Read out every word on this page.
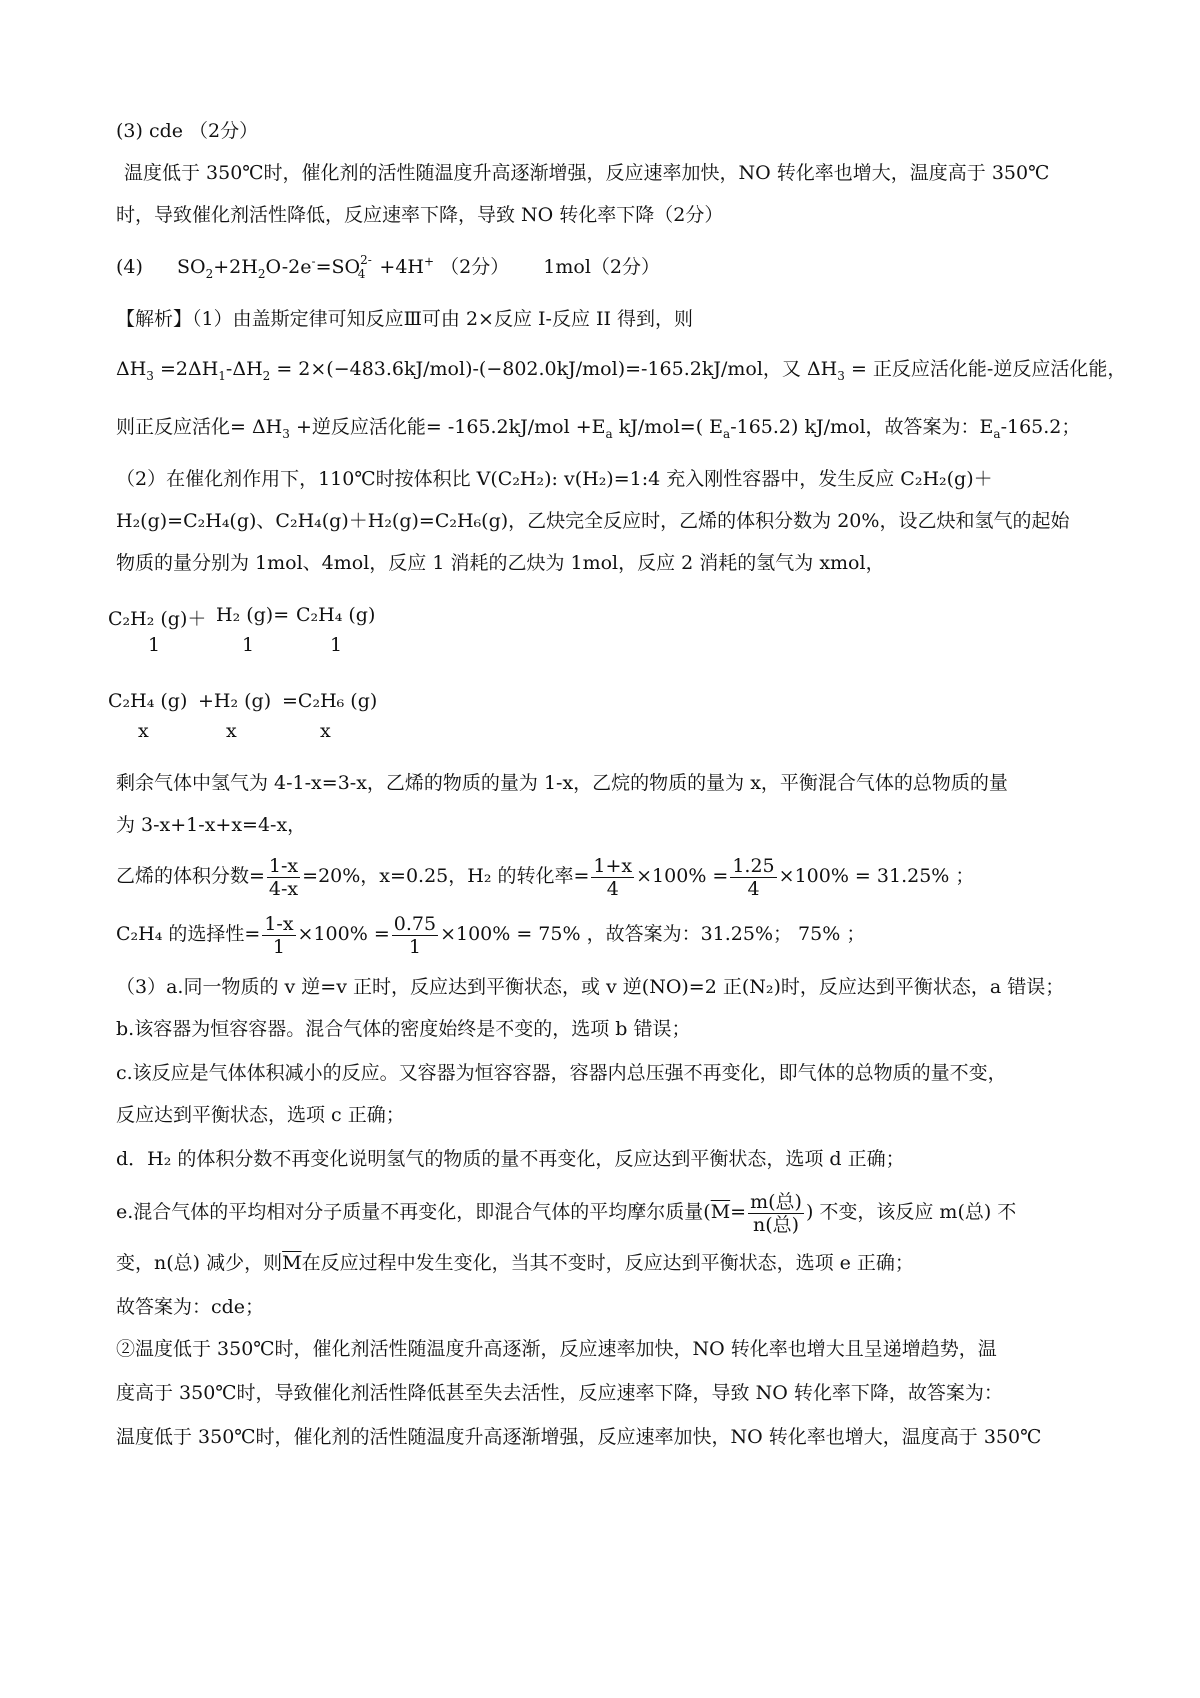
(3) cde （2分）
温度低于 350℃时，催化剂的活性随温度升高逐渐增强，反应速率加快，NO 转化率也增大，温度高于 350℃
时，导致催化剂活性降低，反应速率下降，导致 NO 转化率下降（2分）
(4) $SO_2+2H_2O-2e^-=SO_{2-4} +4H^+$ （2分） 1mol（2分）
【解析】（1）由盖斯定律可知反应Ⅲ可由 2×反应 I-反应 II 得到，则
$\Delta H_3 =2\Delta H_1-\Delta H_2 = 2\times(-483.6kJ/mol)-(-802.0kJ/mol)=-165.2kJ/mol$，又 $\Delta H_3$ = 正反应活化能-逆反应活化能，
则正反应活化= $\Delta H_3$ +逆反应活化能= $-165.2kJ/mol +E_a$ kJ/mol=( $E_a-165.2$) kJ/mol，故答案为：$E_a-165.2$；
（2）在催化剂作用下，110℃时按体积比 V(C₂H₂): v(H₂)=1:4 充入刚性容器中，发生反应 C₂H₂(g)＋
H₂(g)=C₂H₄(g)、C₂H₄(g)＋H₂(g)=C₂H₆(g)，乙炔完全反应时，乙烯的体积分数为 20%，设乙炔和氢气的起始
物质的量分别为 1mol、4mol，反应 1 消耗的乙炔为 1mol，反应 2 消耗的氢气为 xmol，
C₂H₂ (g)＋ H₂ (g)= C₂H₄ (g)
1	1	1
C₂H₄ (g) +H₂ (g) =C₂H₆ (g)
x	x	x
剩余气体中氢气为 4-1-x=3-x，乙烯的物质的量为 1-x，乙烷的物质的量为 x，平衡混合气体的总物质的量
为 3-x+1-x+x=4-x，
乙烯的体积分数= $\frac{1-x}{4-x} =20\%$，x=0.25，H₂ 的转化率= $\frac{1+x}{4} \times 100\% = \frac{1.25}{4} \times 100\% = 31.25\%$ ；
C₂H₄ 的选择性= $\frac{1-x}{1} \times 100\% = \frac{0.75}{1} \times 100\% = 75\%$ ，故答案为：31.25%； 75% ；
（3）a.同一物质的 v 逆=v 正时，反应达到平衡状态，或 v 逆(NO)=2 正(N₂)时，反应达到平衡状态，a 错误；
b.该容器为恒容容器。混合气体的密度始终是不变的，选项 b 错误；
c.该反应是气体体积减小的反应。又容器为恒容容器，容器内总压强不再变化，即气体的总物质的量不变，
反应达到平衡状态，选项 c 正确；
d．H₂ 的体积分数不再变化说明氢气的物质的量不再变化，反应达到平衡状态，选项 d 正确；
e.混合气体的平均相对分子质量不再变化，即混合气体的平均摩尔质量($\overline{M}= \frac{\text{m(总)}}{\text{n(总)}}$ ) 不变，该反应 m(总) 不
变，n(总) 减少，则$\overline{M}$在反应过程中发生变化，当其不变时，反应达到平衡状态，选项 e 正确；
故答案为：cde；
②温度低于 350℃时，催化剂活性随温度升高逐渐，反应速率加快，NO 转化率也增大且呈递增趋势，温
度高于 350℃时，导致催化剂活性降低甚至失去活性，反应速率下降，导致 NO 转化率下降，故答案为：
温度低于 350℃时，催化剂的活性随温度升高逐渐增强，反应速率加快，NO 转化率也增大，温度高于 350℃
